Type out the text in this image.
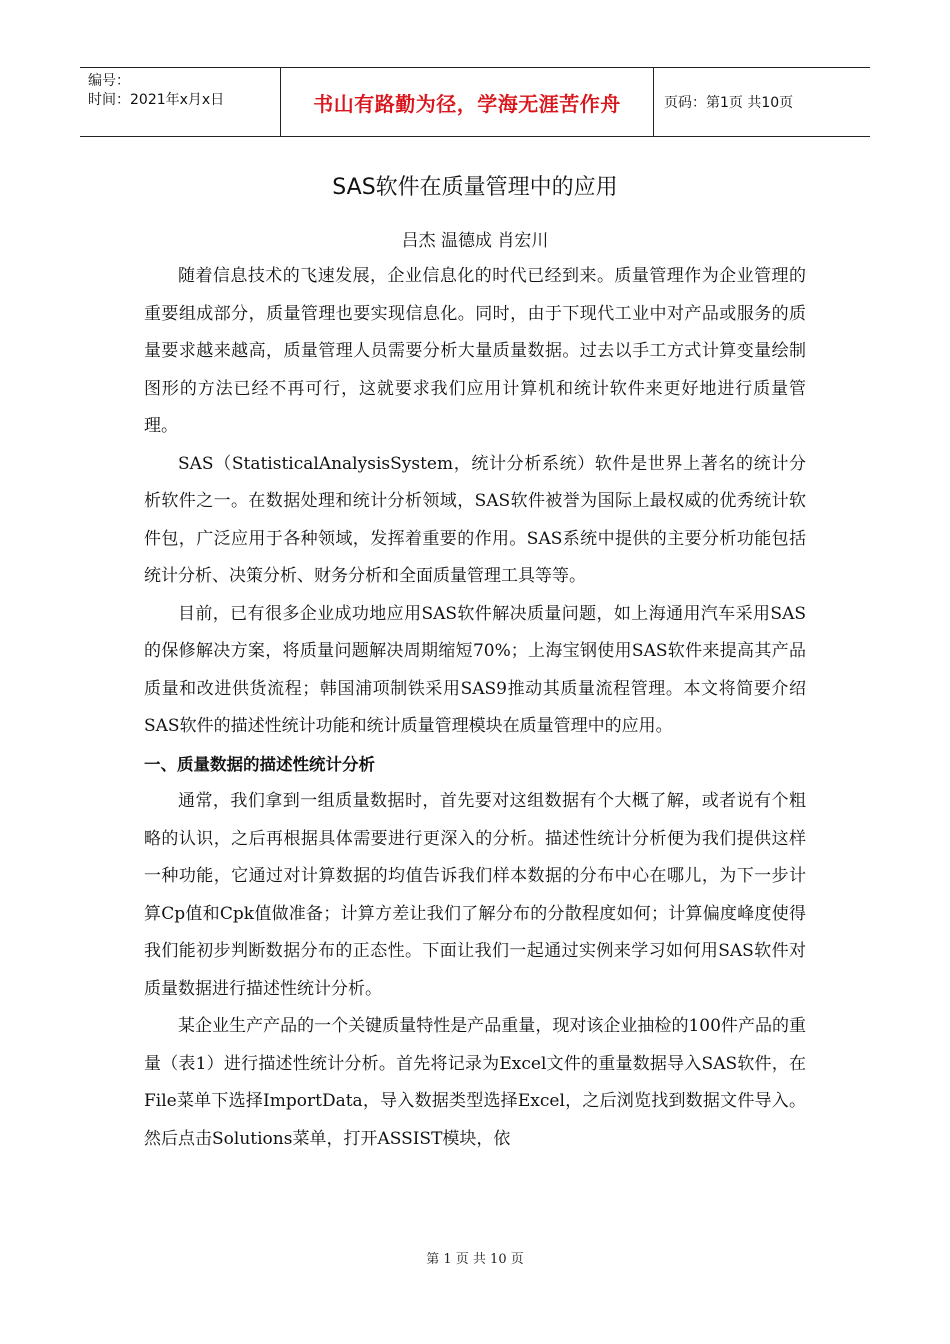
编号：
时间：2021年x月x日	书山有路勤为径，学海无涯苦作舟	页码：第1页 共10页
SAS软件在质量管理中的应用
吕杰 温德成 肖宏川

随着信息技术的飞速发展，企业信息化的时代已经到来。质量管理作为企业管理的重要组成部分，质量管理也要实现信息化。同时，由于下现代工业中对产品或服务的质量要求越来越高，质量管理人员需要分析大量质量数据。过去以手工方式计算变量绘制图形的方法已经不再可行，这就要求我们应用计算机和统计软件来更好地进行质量管理。

SAS（StatisticalAnalysisSystem，统计分析系统）软件是世界上著名的统计分析软件之一。在数据处理和统计分析领域，SAS软件被誉为国际上最权威的优秀统计软件包，广泛应用于各种领域，发挥着重要的作用。SAS系统中提供的主要分析功能包括统计分析、决策分析、财务分析和全面质量管理工具等等。

目前，已有很多企业成功地应用SAS软件解决质量问题，如上海通用汽车采用SAS的保修解决方案，将质量问题解决周期缩短70%；上海宝钢使用SAS软件来提高其产品质量和改进供货流程；韩国浦项制铁采用SAS9推动其质量流程管理。本文将简要介绍SAS软件的描述性统计功能和统计质量管理模块在质量管理中的应用。

一、质量数据的描述性统计分析

通常，我们拿到一组质量数据时，首先要对这组数据有个大概了解，或者说有个粗略的认识，之后再根据具体需要进行更深入的分析。描述性统计分析便为我们提供这样一种功能，它通过对计算数据的均值告诉我们样本数据的分布中心在哪儿，为下一步计算Cp值和Cpk值做准备；计算方差让我们了解分布的分散程度如何；计算偏度峰度使得我们能初步判断数据分布的正态性。下面让我们一起通过实例来学习如何用SAS软件对质量数据进行描述性统计分析。

某企业生产产品的一个关键质量特性是产品重量，现对该企业抽检的100件产品的重量（表1）进行描述性统计分析。首先将记录为Excel文件的重量数据导入SAS软件，在File菜单下选择ImportData，导入数据类型选择Excel，之后浏览找到数据文件导入。然后点击Solutions菜单，打开ASSIST模块，依

第 1 页 共 10 页
